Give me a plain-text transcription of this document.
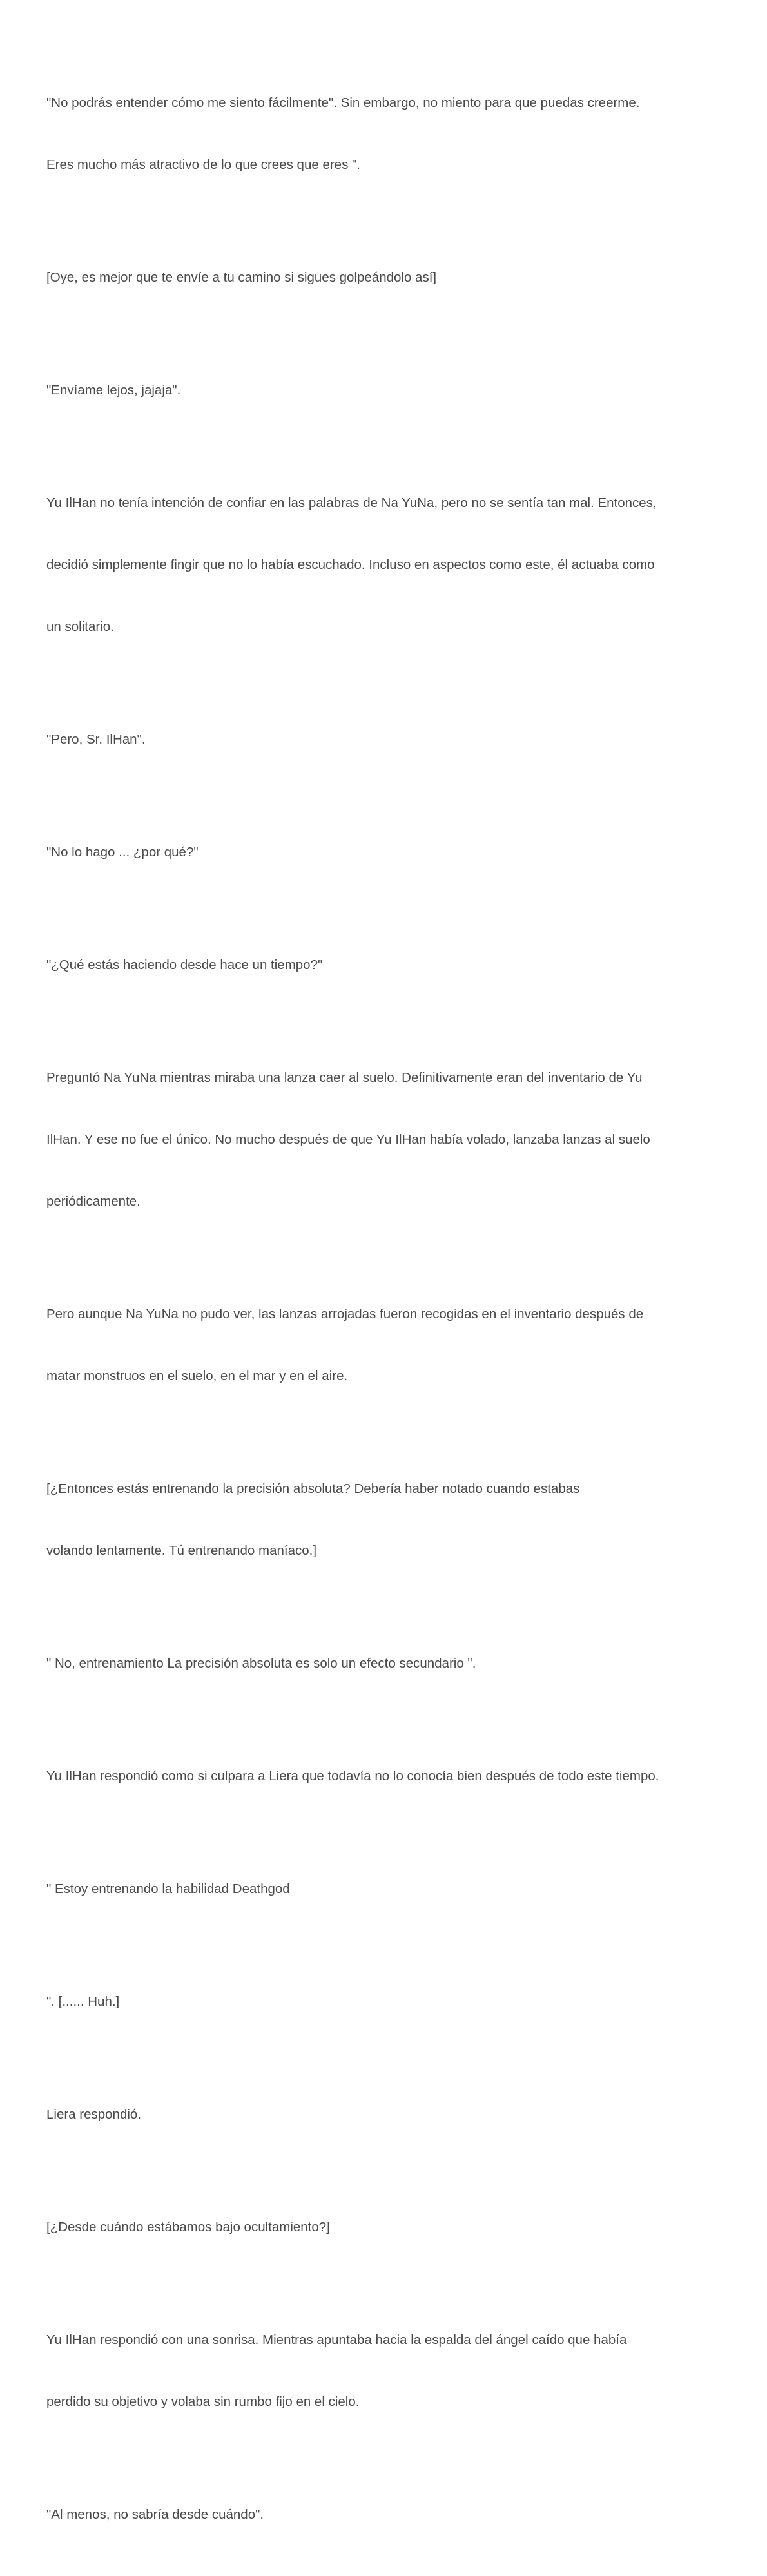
"No podrás entender cómo me siento fácilmente". Sin embargo, no miento para que puedas creerme.

Eres mucho más atractivo de lo que crees que eres ".

[Oye, es mejor que te envíe a tu camino si sigues golpeándolo así]

"Envíame lejos, jajaja".

Yu IlHan no tenía intención de confiar en las palabras de Na YuNa, pero no se sentía tan mal. Entonces,

decidió simplemente fingir que no lo había escuchado. Incluso en aspectos como este, él actuaba como

un solitario.

"Pero, Sr. IlHan".

"No lo hago ... ¿por qué?"

"¿Qué estás haciendo desde hace un tiempo?"

Preguntó Na YuNa mientras miraba una lanza caer al suelo. Definitivamente eran del inventario de Yu

IlHan. Y ese no fue el único. No mucho después de que Yu IlHan había volado, lanzaba lanzas al suelo

periódicamente.

Pero aunque Na YuNa no pudo ver, las lanzas arrojadas fueron recogidas en el inventario después de

matar monstruos en el suelo, en el mar y en el aire.

[¿Entonces estás entrenando la precisión absoluta? Debería haber notado cuando estabas

volando lentamente. Tú entrenando maníaco.]

" No, entrenamiento La precisión absoluta es solo un efecto secundario ".

Yu IlHan respondió como si culpara a Liera que todavía no lo conocía bien después de todo este tiempo.

" Estoy entrenando la habilidad Deathgod

". [...... Huh.]

Liera respondió.

[¿Desde cuándo estábamos bajo ocultamiento?]

Yu IlHan respondió con una sonrisa. Mientras apuntaba hacia la espalda del ángel caído que había

perdido su objetivo y volaba sin rumbo fijo en el cielo.

"Al menos, no sabría desde cuándo".
